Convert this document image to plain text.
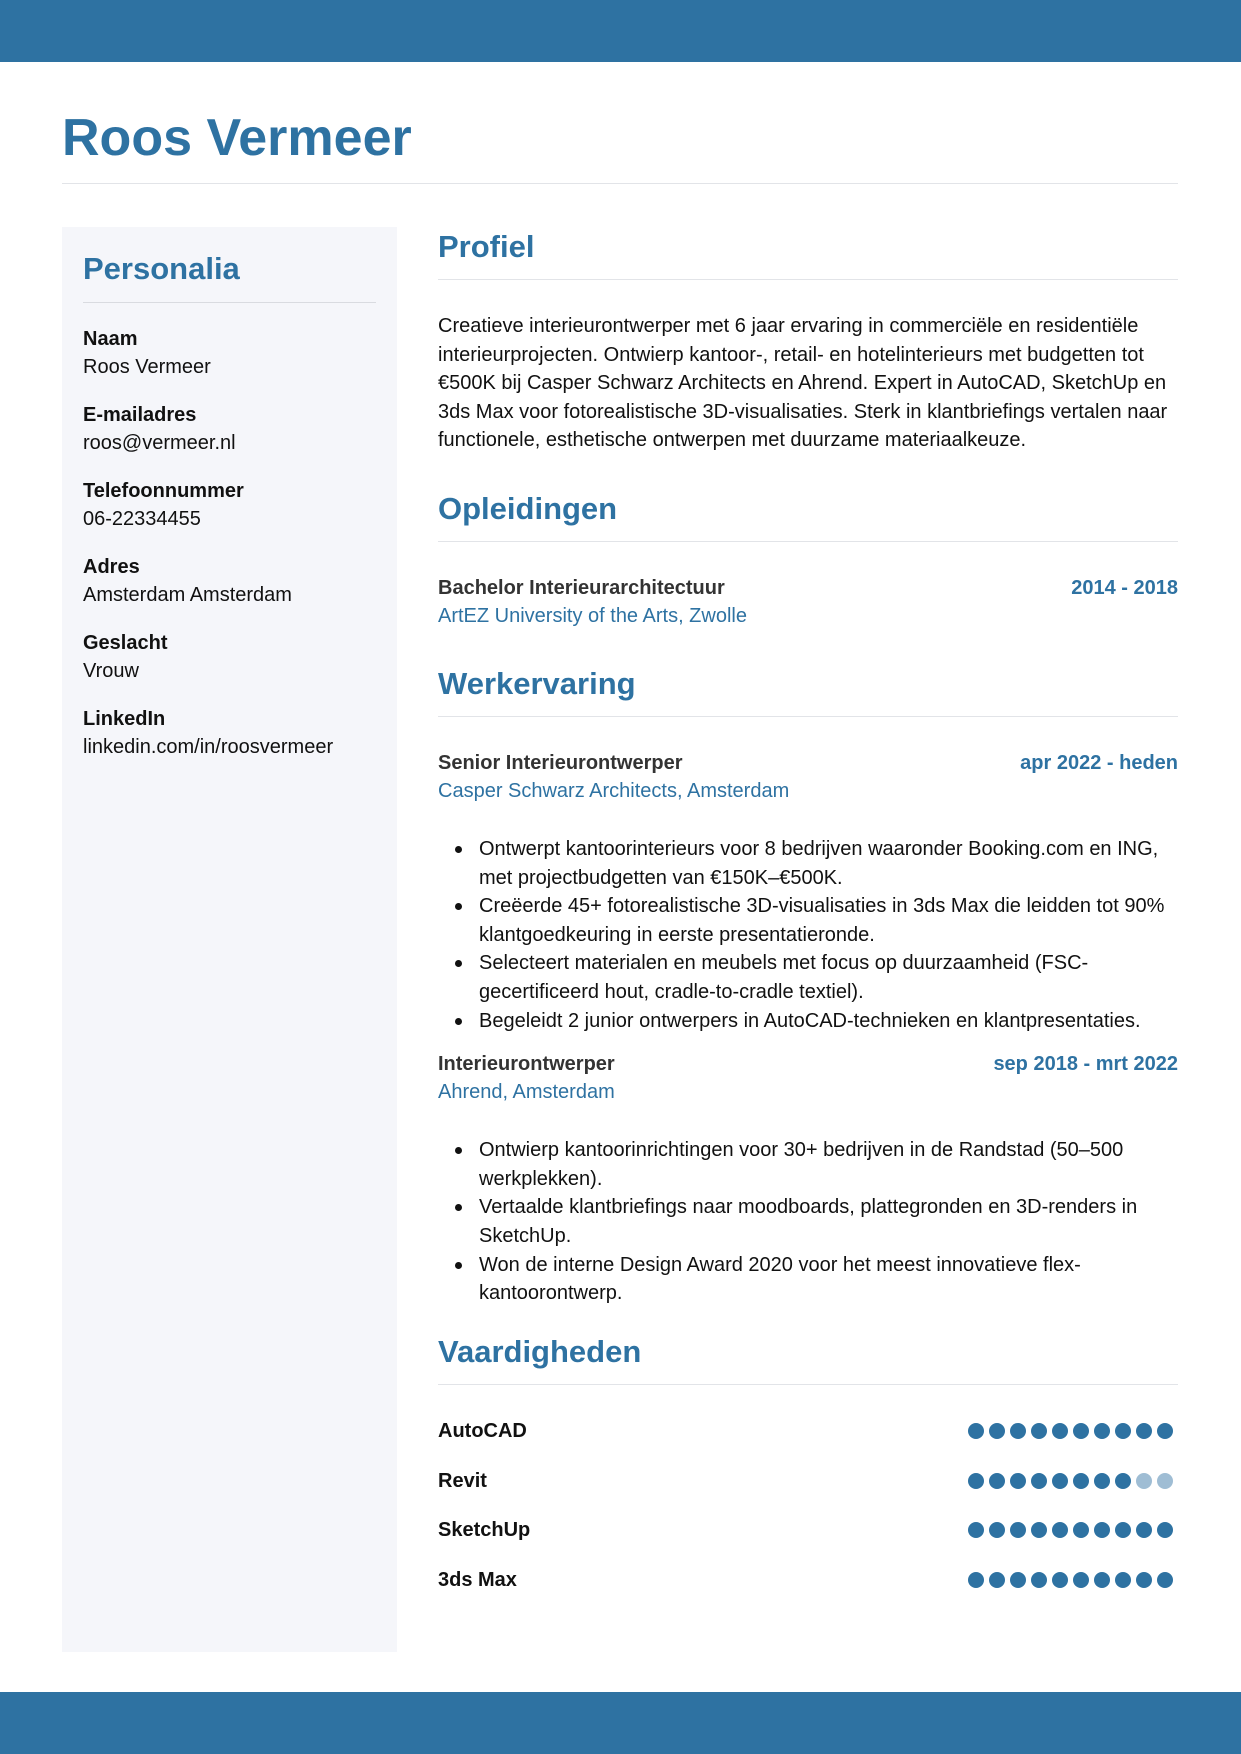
Roos Vermeer
Personalia
Naam
Roos Vermeer
E-mailadres
roos@vermeer.nl
Telefoonnummer
06-22334455
Adres
Amsterdam Amsterdam
Geslacht
Vrouw
LinkedIn
linkedin.com/in/roosvermeer
Profiel

Creatieve interieurontwerper met 6 jaar ervaring in commerciële en residentiële interieurprojecten. Ontwierp kantoor-, retail- en hotelinterieurs met budgetten tot €500K bij Casper Schwarz Architects en Ahrend. Expert in AutoCAD, SketchUp en 3ds Max voor fotorealistische 3D-visualisaties. Sterk in klantbriefings vertalen naar functionele, esthetische ontwerpen met duurzame materiaalkeuze.

Opleidingen
Bachelor Interieurarchitectuur	2014 - 2018
ArtEZ University of the Arts, Zwolle
Werkervaring
Senior Interieurontwerper	apr 2022 - heden
Casper Schwarz Architects, Amsterdam
Ontwerpt kantoorinterieurs voor 8 bedrijven waaronder Booking.com en ING, met projectbudgetten van €150K–€500K.
Creëerde 45+ fotorealistische 3D-visualisaties in 3ds Max die leidden tot 90% klantgoedkeuring in eerste presentatieronde.
Selecteert materialen en meubels met focus op duurzaamheid (FSC-gecertificeerd hout, cradle-to-cradle textiel).
Begeleidt 2 junior ontwerpers in AutoCAD-technieken en klantpresentaties.
Interieurontwerper	sep 2018 - mrt 2022
Ahrend, Amsterdam
Ontwierp kantoorinrichtingen voor 30+ bedrijven in de Randstad (50–500 werkplekken).
Vertaalde klantbriefings naar moodboards, plattegronden en 3D-renders in SketchUp.
Won de interne Design Award 2020 voor het meest innovatieve flex-kantoorontwerp.
Vaardigheden
AutoCAD
Revit
SketchUp
3ds Max
